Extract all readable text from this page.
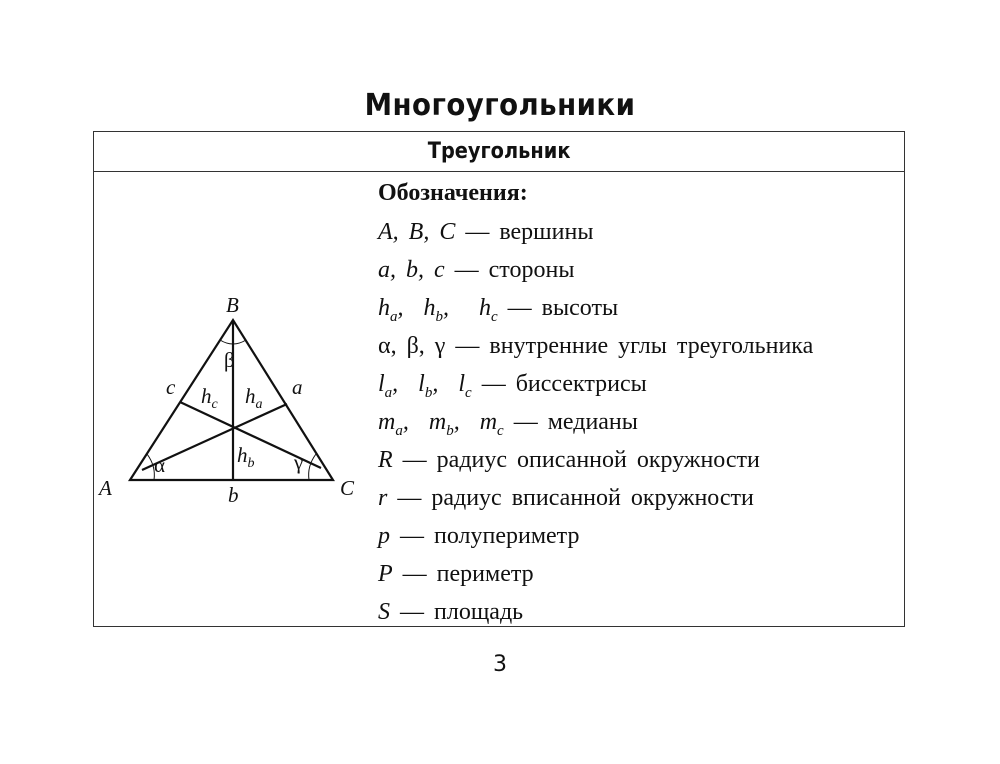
Многоугольники
Треугольник
B
A	C
c	a
b
β
α	γ
$h_c$ $h_a$
$h_b$
Обозначения:
A, B, C — вершины
a, b, c — стороны
$h_a$,  $h_b$,   $h_c$ — высоты
α, β, γ — внутренние углы треугольника
$l_a$,  $l_b$,  $l_c$ — биссектрисы
$m_a$,  $m_b$,  $m_c$ — медианы
R — радиус описанной окружности
r — радиус вписанной окружности
p — полупериметр
P — периметр
S — площадь
3
